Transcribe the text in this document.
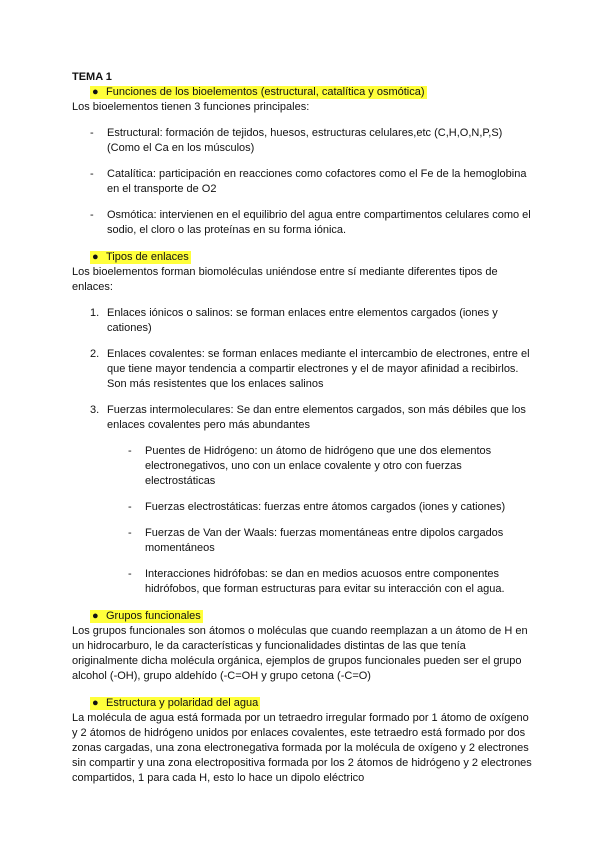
TEMA 1

● Funciones de los bioelementos (estructural, catalítica y osmótica)

Los bioelementos tienen 3 funciones principales:

- Estructural: formación de tejidos, huesos, estructuras celulares,etc (C,H,O,N,P,S) (Como el Ca en los músculos)
- Catalítica: participación en reacciones como cofactores como el Fe de la hemoglobina en el transporte de O2
- Osmótica: intervienen en el equilibrio del agua entre compartimentos celulares como el sodio, el cloro o las proteínas en su forma iónica.

● Tipos de enlaces

Los bioelementos forman biomoléculas uniéndose entre sí mediante diferentes tipos de enlaces:

1. Enlaces iónicos o salinos: se forman enlaces entre elementos cargados (iones y cationes)
2. Enlaces covalentes: se forman enlaces mediante el intercambio de electrones, entre el que tiene mayor tendencia a compartir electrones y el de mayor afinidad a recibirlos. Son más resistentes que los enlaces salinos
3. Fuerzas intermoleculares: Se dan entre elementos cargados, son más débiles que los enlaces covalentes pero más abundantes
- Puentes de Hidrógeno: un átomo de hidrógeno que une dos elementos electronegativos, uno con un enlace covalente y otro con fuerzas electrostáticas
- Fuerzas electrostáticas: fuerzas entre átomos cargados (iones y cationes)
- Fuerzas de Van der Waals: fuerzas momentáneas entre dipolos cargados momentáneos
- Interacciones hidrófobas: se dan en medios acuosos entre componentes hidrófobos, que forman estructuras para evitar su interacción con el agua.

● Grupos funcionales

Los grupos funcionales son átomos o moléculas que cuando reemplazan a un átomo de H en un hidrocarburo, le da características y funcionalidades distintas de las que tenía originalmente dicha molécula orgánica, ejemplos de grupos funcionales pueden ser el grupo alcohol (-OH), grupo aldehído (-C=OH y grupo cetona (-C=O)

● Estructura y polaridad del agua

La molécula de agua está formada por un tetraedro irregular formado por 1 átomo de oxígeno y 2 átomos de hidrógeno unidos por enlaces covalentes, este tetraedro está formado por dos zonas cargadas, una zona electronegativa formada por la molécula de oxígeno y 2 electrones sin compartir y una zona electropositiva formada por los 2 átomos de hidrógeno y 2 electrones compartidos, 1 para cada H, esto lo hace un dipolo eléctrico
